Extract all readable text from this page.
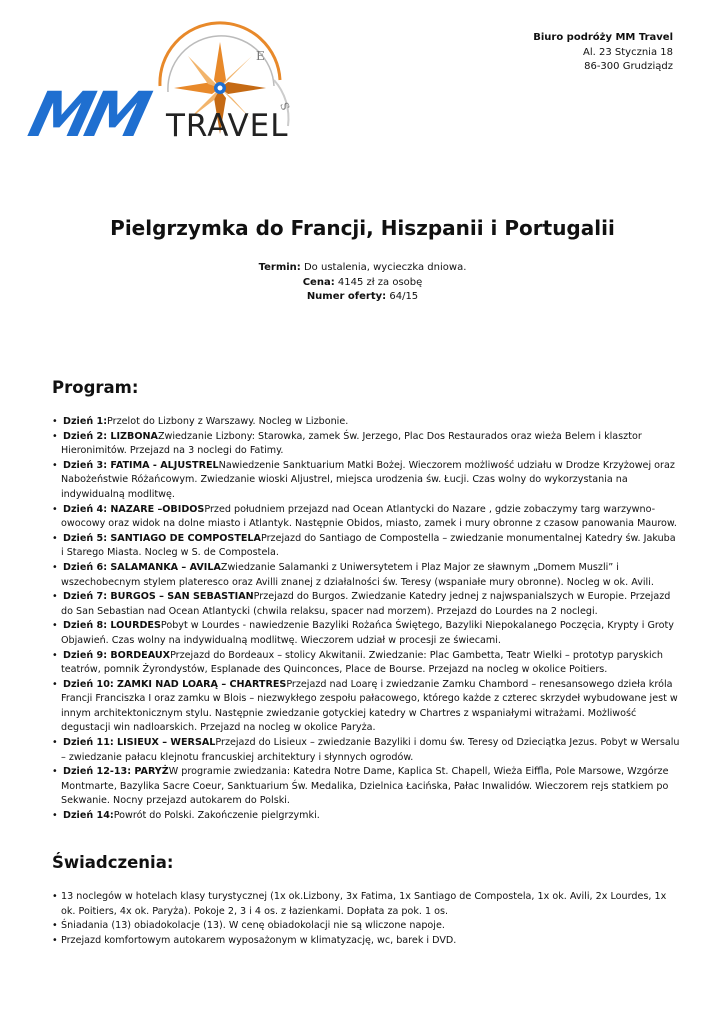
E
S
MM TRAVEL
Biuro podróży MM Travel
Al. 23 Stycznia 18
86-300 Grudziądz
Pielgrzymka do Francji, Hiszpanii i Portugalii
Termin: Do ustalenia, wycieczka dniowa.
Cena: 4145 zł za osobę
Numer oferty: 64/15
Program:
• Dzień 1:Przelot do Lizbony z Warszawy. Nocleg w Lizbonie.
• Dzień 2: LIZBONAZwiedzanie Lizbony: Starowka, zamek Św. Jerzego, Plac Dos Restaurados oraz wieża Belem i klasztor Hieronimitów. Przejazd na 3 noclegi do Fatimy.
• Dzień 3: FATIMA - ALJUSTRELNawiedzenie Sanktuarium Matki Bożej. Wieczorem możliwość udziału w Drodze Krzyżowej oraz Nabożeństwie Różańcowym. Zwiedzanie wioski Aljustrel, miejsca urodzenia św. Łucji. Czas wolny do wykorzystania na indywidualną modlitwę.
• Dzień 4: NAZARE –OBIDOSPrzed południem przejazd nad Ocean Atlantycki do Nazare , gdzie zobaczymy targ warzywno-owocowy oraz widok na dolne miasto i Atlantyk. Następnie Obidos, miasto, zamek i mury obronne z czasow panowania Maurow.
• Dzień 5: SANTIAGO DE COMPOSTELAPrzejazd do Santiago de Compostella – zwiedzanie monumentalnej Katedry św. Jakuba i Starego Miasta. Nocleg w S. de Compostela.
• Dzień 6: SALAMANKA – AVILAZwiedzanie Salamanki z Uniwersytetem i Plaz Major ze sławnym „Domem Muszli” i wszechobecnym stylem plateresco oraz Avilli znanej z działalności św. Teresy (wspaniałe mury obronne). Nocleg w ok. Avili.
• Dzień 7: BURGOS – SAN SEBASTIANPrzejazd do Burgos. Zwiedzanie Katedry jednej z najwspanialszych w Europie. Przejazd do San Sebastian nad Ocean Atlantycki (chwila relaksu, spacer nad morzem). Przejazd do Lourdes na 2 noclegi.
• Dzień 8: LOURDESPobyt w Lourdes - nawiedzenie Bazyliki Rożańca Świętego, Bazyliki Niepokalanego Poczęcia, Krypty i Groty Objawień. Czas wolny na indywidualną modlitwę. Wieczorem udział w procesji ze świecami.
• Dzień 9: BORDEAUXPrzejazd do Bordeaux – stolicy Akwitanii. Zwiedzanie: Plac Gambetta, Teatr Wielki – prototyp paryskich teatrów, pomnik Żyrondystów, Esplanade des Quinconces, Place de Bourse. Przejazd na nocleg w okolice Poitiers.
• Dzień 10: ZAMKI NAD LOARĄ – CHARTRESPrzejazd nad Loarę i zwiedzanie Zamku Chambord – renesansowego dzieła króla Francji Franciszka I oraz zamku w Blois – niezwykłego zespołu pałacowego, którego każde z czterec skrzydeł wybudowane jest w innym architektonicznym stylu. Następnie zwiedzanie gotyckiej katedry w Chartres z wspaniałymi witrażami. Możliwość degustacji win nadloarskich. Przejazd na nocleg w okolice Paryża.
• Dzień 11: LISIEUX – WERSALPrzejazd do Lisieux – zwiedzanie Bazyliki i domu św. Teresy od Dzieciątka Jezus. Pobyt w Wersalu – zwiedzanie pałacu klejnotu francuskiej architektury i słynnych ogrodów.
• Dzień 12-13: PARYŻW programie zwiedzania: Katedra Notre Dame, Kaplica St. Chapell, Wieża Eiffla, Pole Marsowe, Wzgórze Montmarte, Bazylika Sacre Coeur, Sanktuarium Św. Medalika, Dzielnica Łacińska, Pałac Inwalidów. Wieczorem rejs statkiem po Sekwanie. Nocny przejazd autokarem do Polski.
• Dzień 14:Powrót do Polski. Zakończenie pielgrzymki.
Świadczenia:
• 13 noclegów w hotelach klasy turystycznej (1x ok.Lizbony, 3x Fatima, 1x Santiago de Compostela, 1x ok. Avili, 2x Lourdes, 1x ok. Poitiers, 4x ok. Paryża). Pokoje 2, 3 i 4 os. z łazienkami. Dopłata za pok. 1 os.
• Śniadania (13) obiadokolacje (13). W cenę obiadokolacji nie są wliczone napoje.
• Przejazd komfortowym autokarem wyposażonym w klimatyzację, wc, barek i DVD.
